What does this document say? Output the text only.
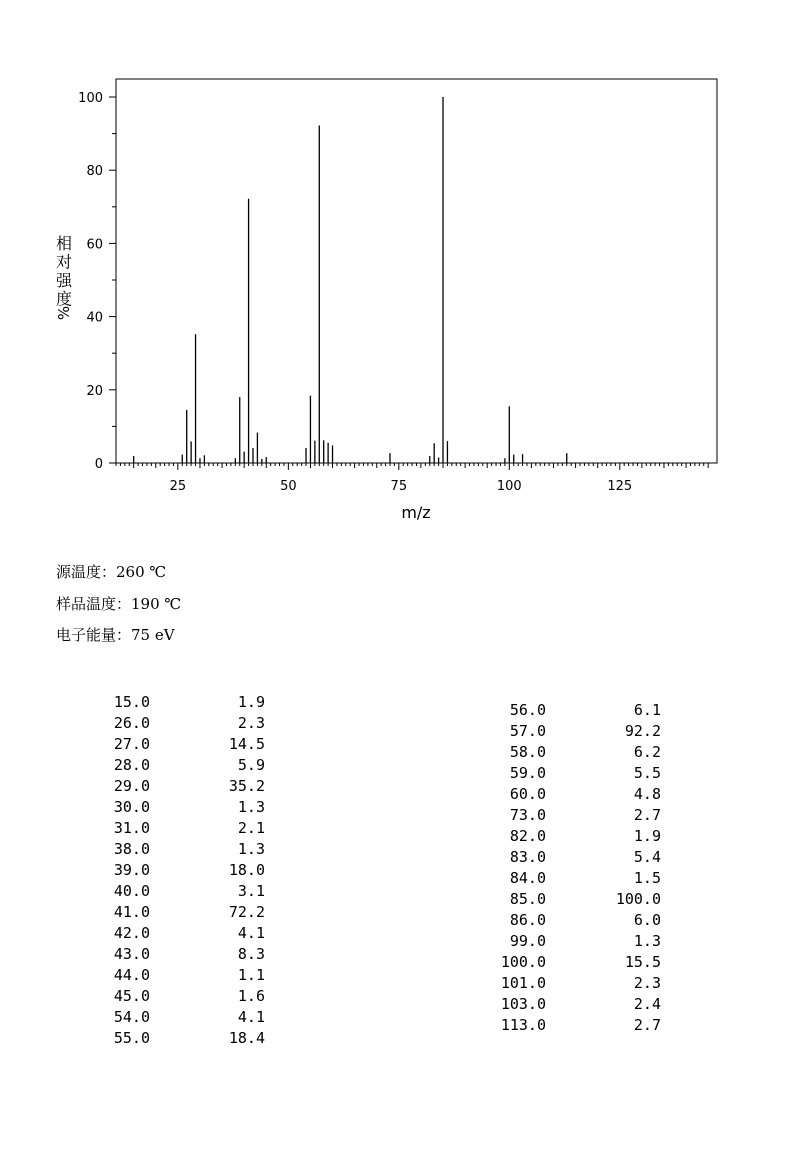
0
20
40
60
80
100
25	50	75	100	125
m/z
相
对
强
度
%
源温度：260 ℃
样品温度：190 ℃
电子能量：75 eV
15.0	1.9
26.0	2.3
27.0	14.5
28.0	5.9
29.0	35.2
30.0	1.3
31.0	2.1
38.0	1.3
39.0	18.0
40.0	3.1
41.0	72.2
42.0	4.1
43.0	8.3
44.0	1.1
45.0	1.6
54.0	4.1
55.0	18.4
56.0	6.1
57.0	92.2
58.0	6.2
59.0	5.5
60.0	4.8
73.0	2.7
82.0	1.9
83.0	5.4
84.0	1.5
85.0	100.0
86.0	6.0
99.0	1.3
100.0	15.5
101.0	2.3
103.0	2.4
113.0	2.7
